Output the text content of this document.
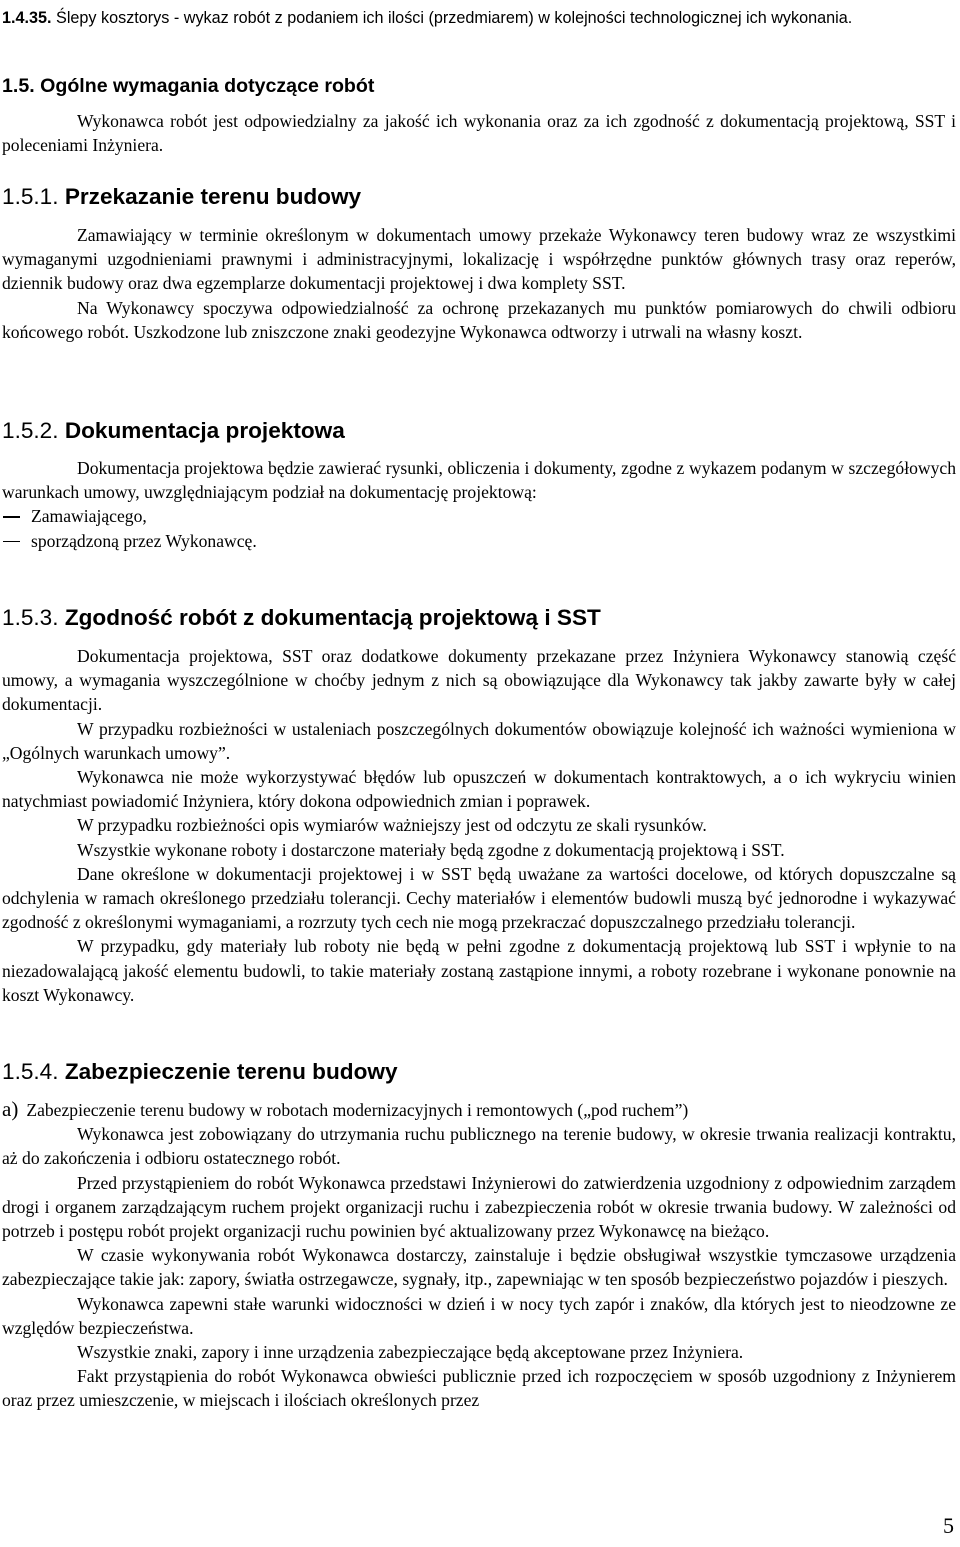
1.4.35. Ślepy kosztorys - wykaz robót z podaniem ich ilości (przedmiarem) w kolejności technologicznej ich wykonania.
1.5. Ogólne wymagania dotyczące robót

Wykonawca robót jest odpowiedzialny za jakość ich wykonania oraz za ich zgodność z dokumentacją projektową, SST i poleceniami Inżyniera.

1.5.1. Przekazanie terenu budowy

Zamawiający w terminie określonym w dokumentach umowy przekaże Wykonawcy teren budowy wraz ze wszystkimi wymaganymi uzgodnieniami prawnymi i administracyjnymi, lokalizację i współrzędne punktów głównych trasy oraz reperów, dziennik budowy oraz dwa egzemplarze dokumentacji projektowej i dwa komplety SST.

Na Wykonawcy spoczywa odpowiedzialność za ochronę przekazanych mu punktów pomiarowych do chwili odbioru końcowego robót. Uszkodzone lub zniszczone znaki geodezyjne Wykonawca odtworzy i utrwali na własny koszt.

1.5.2. Dokumentacja projektowa

Dokumentacja projektowa będzie zawierać rysunki, obliczenia i dokumenty, zgodne z wykazem podanym w szczegółowych warunkach umowy, uwzględniającym podział na dokumentację projektową:

Zamawiającego,
sporządzoną przez Wykonawcę.
1.5.3. Zgodność robót z dokumentacją projektową i SST

Dokumentacja projektowa, SST oraz dodatkowe dokumenty przekazane przez Inżyniera Wykonawcy stanowią część umowy, a wymagania wyszczególnione w choćby jednym z nich są obowiązujące dla Wykonawcy tak jakby zawarte były w całej dokumentacji.

W przypadku rozbieżności w ustaleniach poszczególnych dokumentów obowiązuje kolejność ich ważności wymieniona w „Ogólnych warunkach umowy”.

Wykonawca nie może wykorzystywać błędów lub opuszczeń w dokumentach kontraktowych, a o ich wykryciu winien natychmiast powiadomić Inżyniera, który dokona odpowiednich zmian i poprawek.

W przypadku rozbieżności opis wymiarów ważniejszy jest od odczytu ze skali rysunków.

Wszystkie wykonane roboty i dostarczone materiały będą zgodne z dokumentacją projektową i SST.

Dane określone w dokumentacji projektowej i w SST będą uważane za wartości docelowe, od których dopuszczalne są odchylenia w ramach określonego przedziału tolerancji. Cechy materiałów i elementów budowli muszą być jednorodne i wykazywać zgodność z określonymi wymaganiami, a rozrzuty tych cech nie mogą przekraczać dopuszczalnego przedziału tolerancji.

W przypadku, gdy materiały lub roboty nie będą w pełni zgodne z dokumentacją projektową lub SST i wpłynie to na niezadowalającą jakość elementu budowli, to takie materiały zostaną zastąpione innymi, a roboty rozebrane i wykonane ponownie na koszt Wykonawcy.

1.5.4. Zabezpieczenie terenu budowy
a) Zabezpieczenie terenu budowy w robotach modernizacyjnych i remontowych („pod ruchem”)

Wykonawca jest zobowiązany do utrzymania ruchu publicznego na terenie budowy, w okresie trwania realizacji kontraktu, aż do zakończenia i odbioru ostatecznego robót.

Przed przystąpieniem do robót Wykonawca przedstawi Inżynierowi do zatwierdzenia uzgodniony z odpowiednim zarządem drogi i organem zarządzającym ruchem projekt organizacji ruchu i zabezpieczenia robót w okresie trwania budowy. W zależności od potrzeb i postępu robót projekt organizacji ruchu powinien być aktualizowany przez Wykonawcę na bieżąco.

W czasie wykonywania robót Wykonawca dostarczy, zainstaluje i będzie obsługiwał wszystkie tymczasowe urządzenia zabezpieczające takie jak: zapory, światła ostrzegawcze, sygnały, itp., zapewniając w ten sposób bezpieczeństwo pojazdów i pieszych.

Wykonawca zapewni stałe warunki widoczności w dzień i w nocy tych zapór i znaków, dla których jest to nieodzowne ze względów bezpieczeństwa.

Wszystkie znaki, zapory i inne urządzenia zabezpieczające będą akceptowane przez Inżyniera.

Fakt przystąpienia do robót Wykonawca obwieści publicznie przed ich rozpoczęciem w sposób uzgodniony z Inżynierem oraz przez umieszczenie, w miejscach i ilościach określonych przez

5
